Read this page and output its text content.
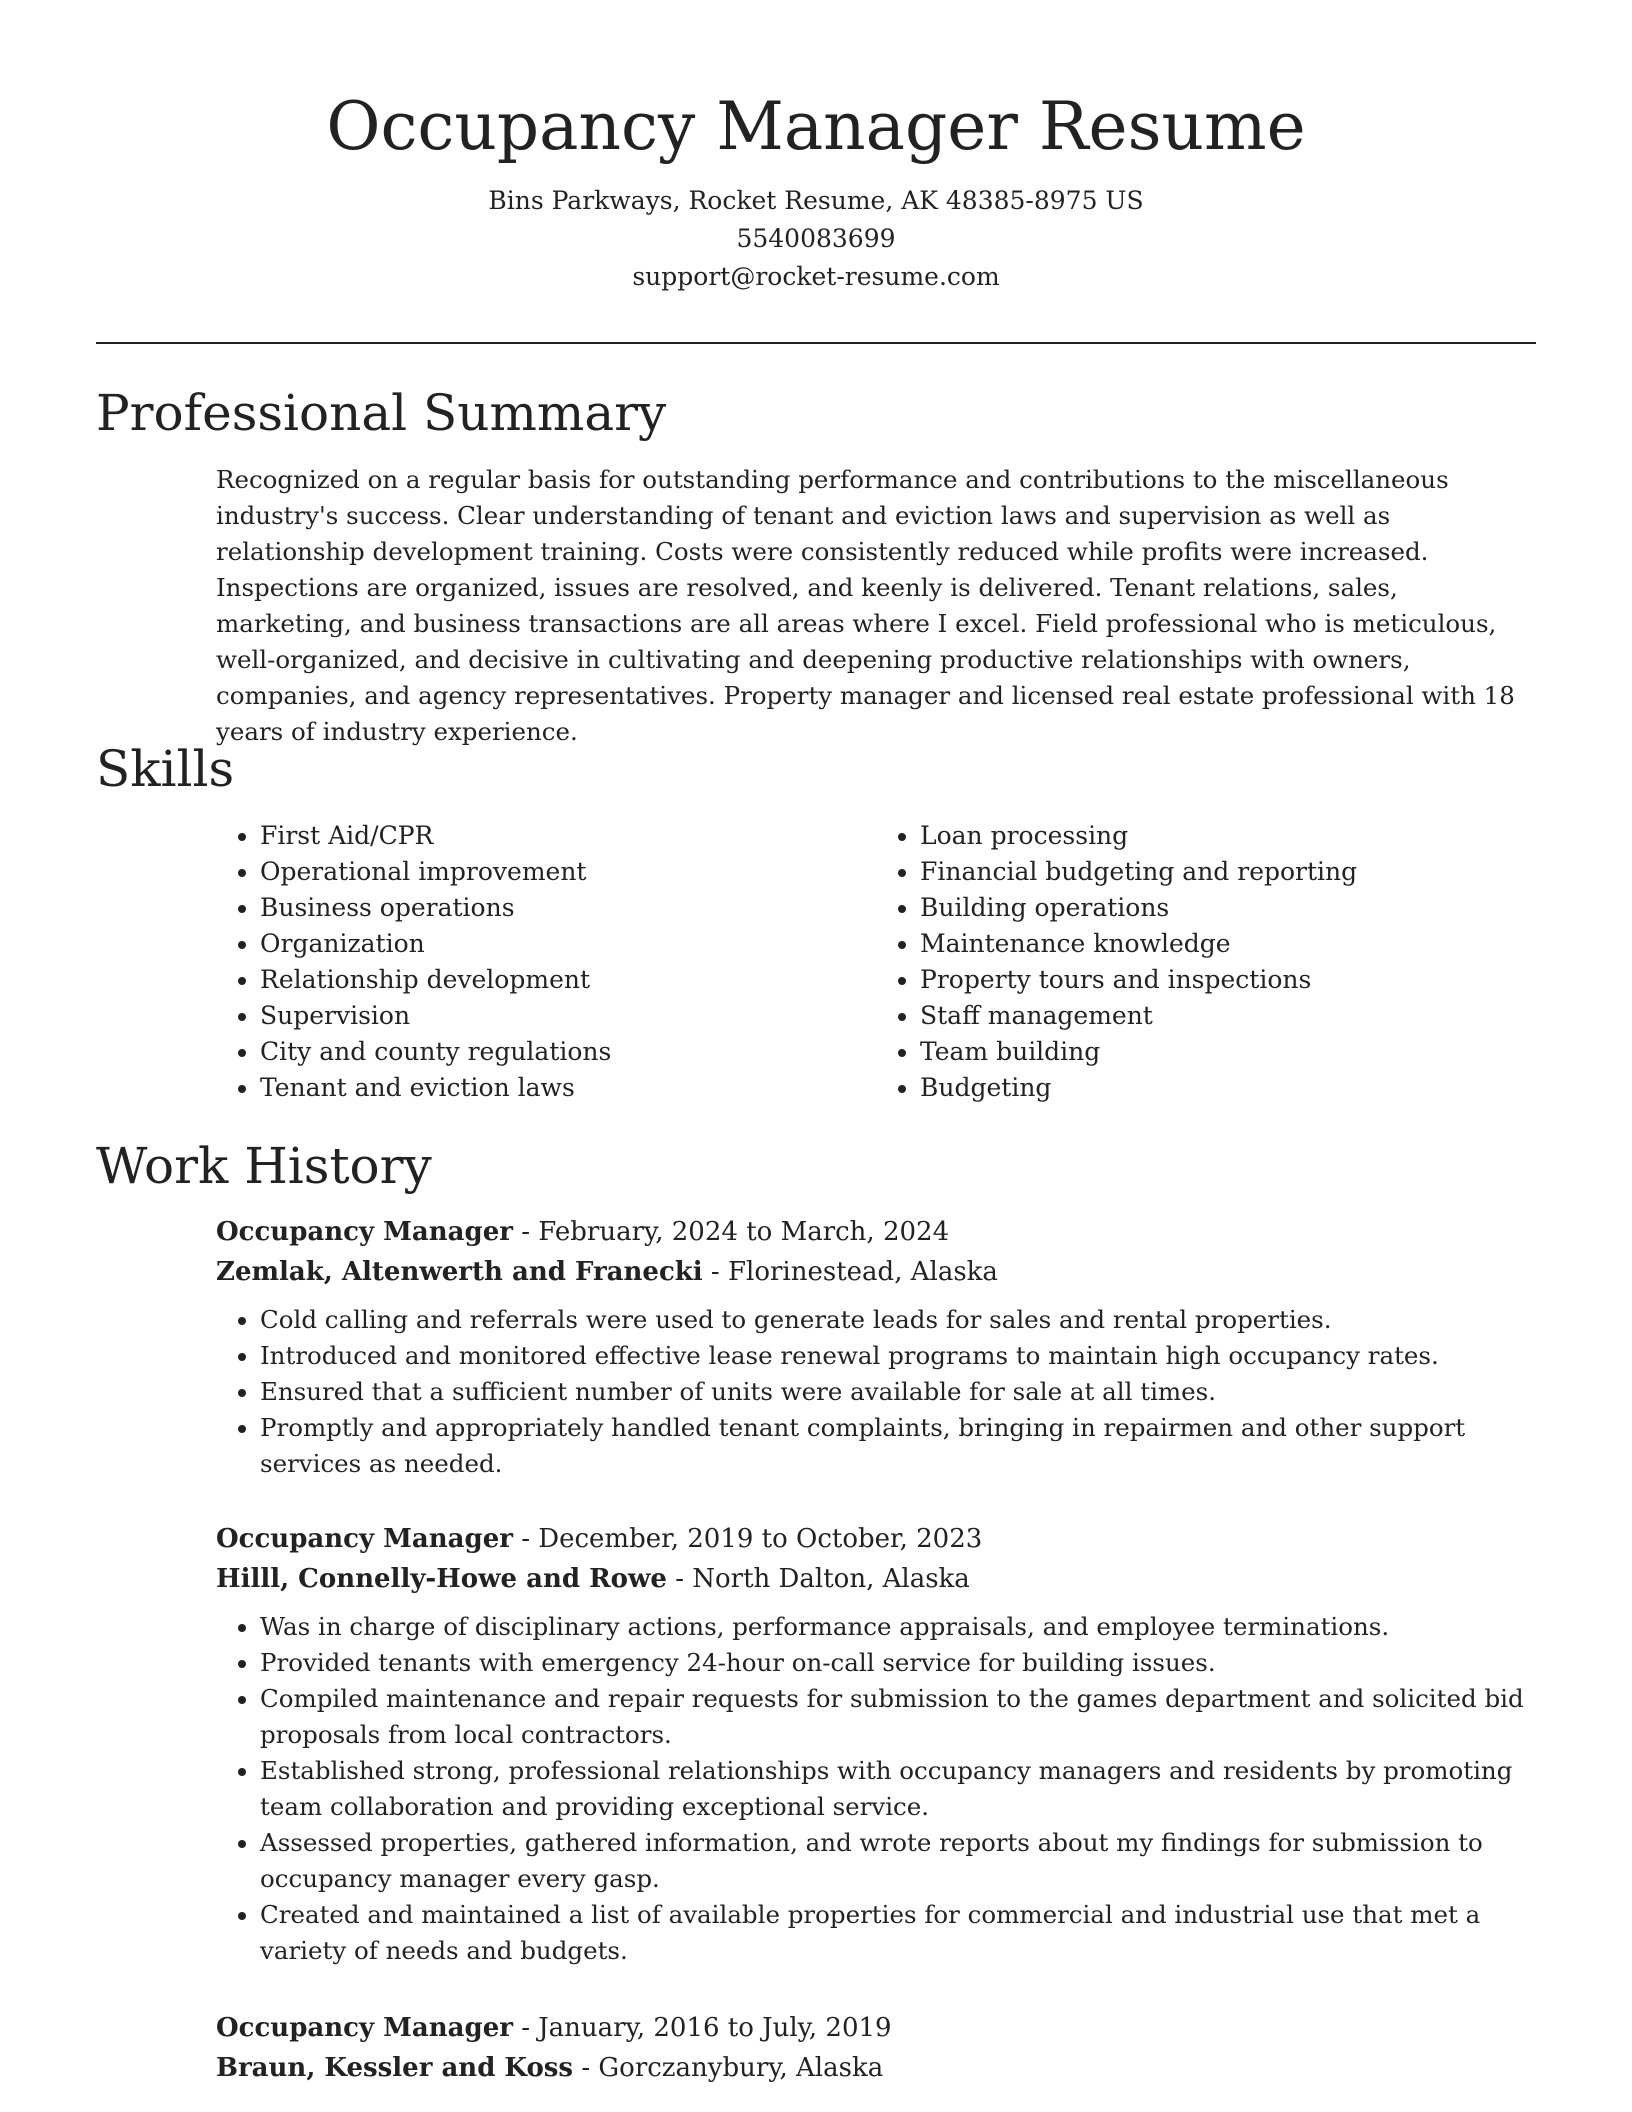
Occupancy Manager Resume
Bins Parkways, Rocket Resume, AK 48385-8975 US
5540083699
support@rocket-resume.com
Professional Summary

Recognized on a regular basis for outstanding performance and contributions to the miscellaneous industry's success. Clear understanding of tenant and eviction laws and supervision as well as relationship development training. Costs were consistently reduced while profits were increased. Inspections are organized, issues are resolved, and keenly is delivered. Tenant relations, sales, marketing, and business transactions are all areas where I excel. Field professional who is meticulous, well-organized, and decisive in cultivating and deepening productive relationships with owners, companies, and agency representatives. Property manager and licensed real estate professional with 18 years of industry experience.

Skills
• First Aid/CPR
• Operational improvement
• Business operations
• Organization
• Relationship development
• Supervision
• City and county regulations
• Tenant and eviction laws
• Loan processing
• Financial budgeting and reporting
• Building operations
• Maintenance knowledge
• Property tours and inspections
• Staff management
• Team building
• Budgeting
Work History
Occupancy Manager - February, 2024 to March, 2024
Zemlak, Altenwerth and Franecki - Florinestead, Alaska
• Cold calling and referrals were used to generate leads for sales and rental properties.
• Introduced and monitored effective lease renewal programs to maintain high occupancy rates.
• Ensured that a sufficient number of units were available for sale at all times.
• Promptly and appropriately handled tenant complaints, bringing in repairmen and other support services as needed.
Occupancy Manager - December, 2019 to October, 2023
Hilll, Connelly-Howe and Rowe - North Dalton, Alaska
• Was in charge of disciplinary actions, performance appraisals, and employee terminations.
• Provided tenants with emergency 24-hour on-call service for building issues.
• Compiled maintenance and repair requests for submission to the games department and solicited bid proposals from local contractors.
• Established strong, professional relationships with occupancy managers and residents by promoting team collaboration and providing exceptional service.
• Assessed properties, gathered information, and wrote reports about my findings for submission to occupancy manager every gasp.
• Created and maintained a list of available properties for commercial and industrial use that met a variety of needs and budgets.
Occupancy Manager - January, 2016 to July, 2019
Braun, Kessler and Koss - Gorczanybury, Alaska
